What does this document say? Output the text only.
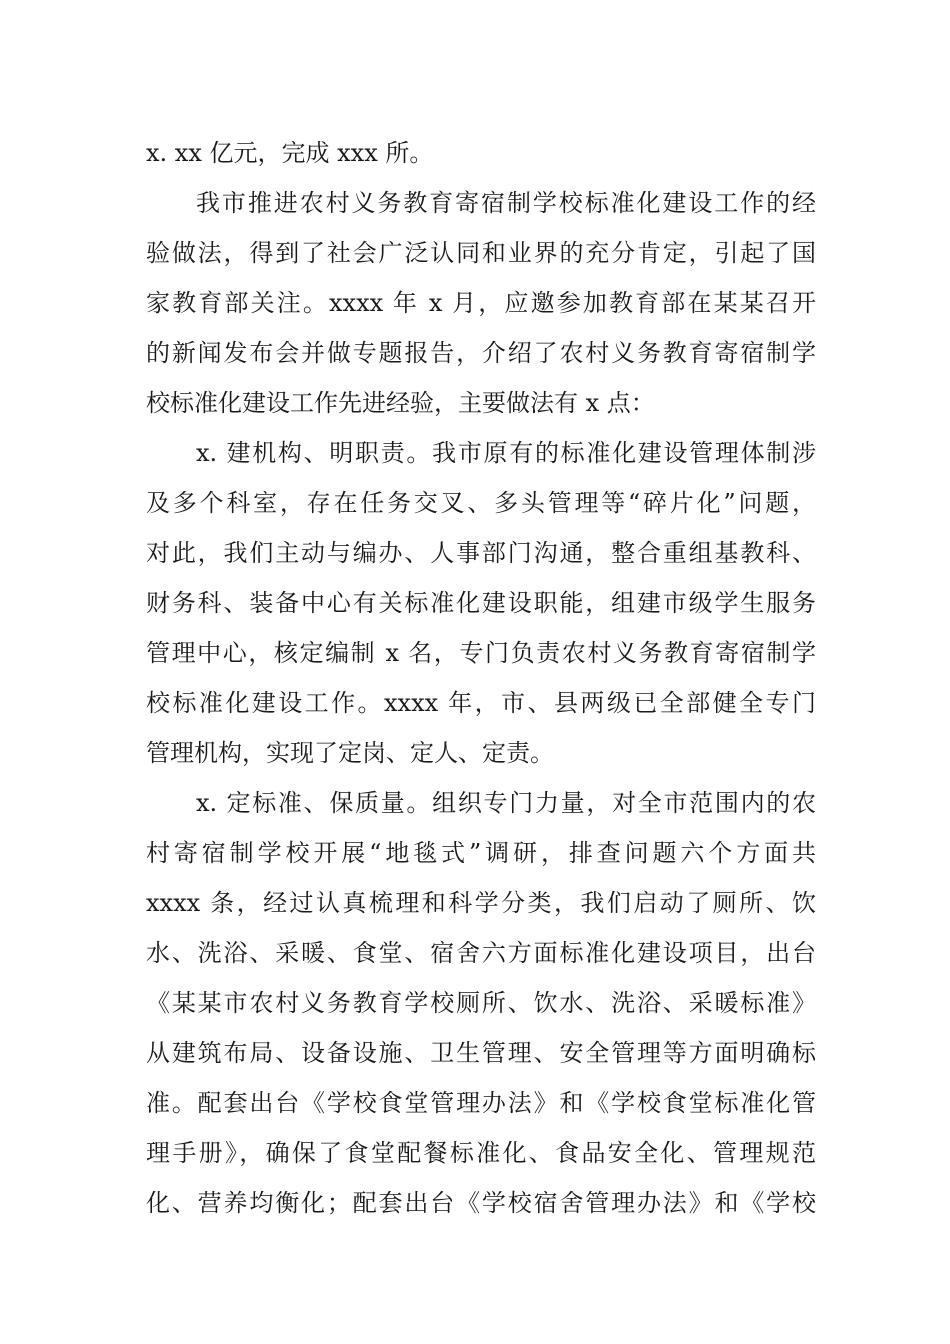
x. xx 亿元，完成 xxx 所。
我市推进农村义务教育寄宿制学校标准化建设工作的经
验做法，得到了社会广泛认同和业界的充分肯定，引起了国
家教育部关注。xxxx 年 x 月，应邀参加教育部在某某召开
的新闻发布会并做专题报告，介绍了农村义务教育寄宿制学
校标准化建设工作先进经验，主要做法有 x 点：
x. 建机构、明职责。我市原有的标准化建设管理体制涉
及多个科室，存在任务交叉、多头管理等“碎片化”问题，
对此，我们主动与编办、人事部门沟通，整合重组基教科、
财务科、装备中心有关标准化建设职能，组建市级学生服务
管理中心，核定编制 x 名，专门负责农村义务教育寄宿制学
校标准化建设工作。xxxx 年，市、县两级已全部健全专门
管理机构，实现了定岗、定人、定责。
x. 定标准、保质量。组织专门力量，对全市范围内的农
村寄宿制学校开展“地毯式”调研，排查问题六个方面共
xxxx 条，经过认真梳理和科学分类，我们启动了厕所、饮
水、洗浴、采暖、食堂、宿舍六方面标准化建设项目，出台
《某某市农村义务教育学校厕所、饮水、洗浴、采暖标准》
从建筑布局、设备设施、卫生管理、安全管理等方面明确标
准。配套出台《学校食堂管理办法》和《学校食堂标准化管
理手册》，确保了食堂配餐标准化、食品安全化、管理规范
化、营养均衡化；配套出台《学校宿舍管理办法》和《学校
